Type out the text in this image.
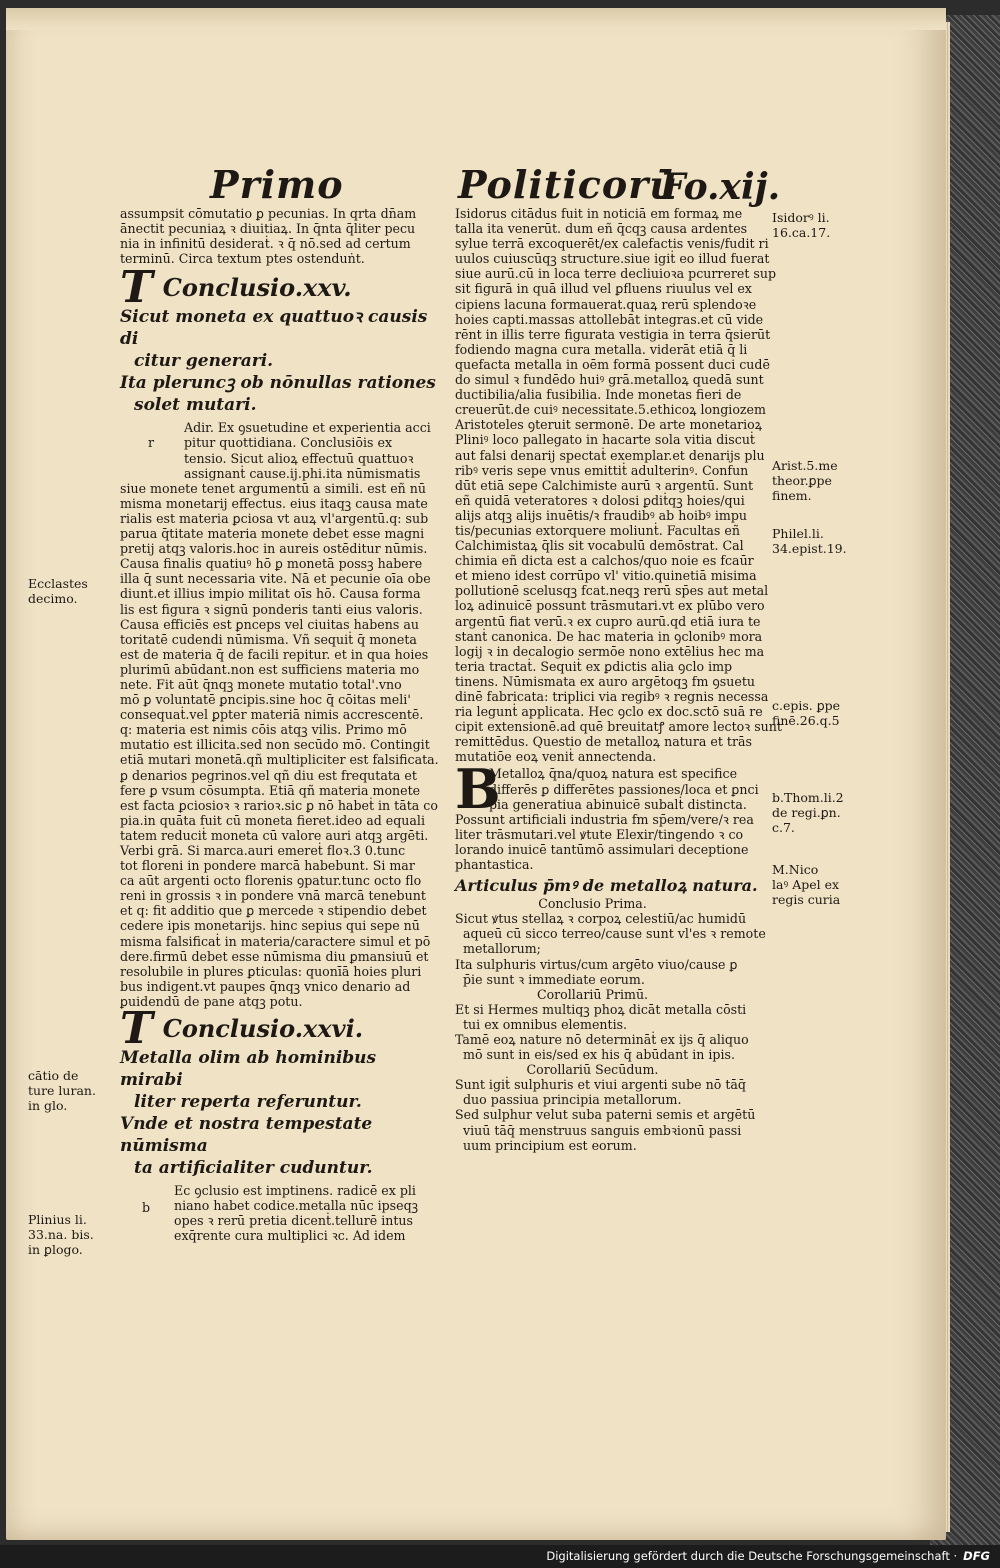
Primo	Politicorū
Fo.xij.
assumpsit cōmutatio ꝑ pecunias. In qrta dn̄am
ānectit pecuniaꝝ ꝛ diuitiaꝝ. In q̄nta q̄liter pecu
nia in infinitū desideraṫ. ꝛ q̄ nō.sed ad certum
terminū. Circa textum ptes ostenduṅt.
T Conclusio.xxv.
Sicut moneta ex quattuoꝛ causis di
citur generari.
Ita pleruncꝫ ob nōnullas rationes
solet mutari.
r
Adir. Ex ꝯsuetudine et experientia acci
pitur quottidiana. Conclusiōis ex
tensio. Sicut alioꝝ effectuū quattuoꝛ
assignanṫ cause.ij.phi.ita nūmismatis
siue monete tenet argumentū a simili. est eñ nū
misma monetarij effectus. eius itaqꝫ causa mate
rialis est materia ꝑciosa vt auꝝ vl'argentū.q: sub
parua q̄titate materia monete debet esse magni
pretij atqꝫ valoris.hoc in aureis ostēditur nūmis.
Causa finalis quatiuꝰ hō ꝑ monetā possꝫ habere
illa q̄ sunt necessaria vite. Nā et pecunie oīa obe
diunt.et illius impio militat oīs hō. Causa forma
lis est figura ꝛ signū ponderis tanti eius valoris.
Causa efficiēs est ꝑnceps vel ciuitas habens au
toritatē cudendi nūmisma. Vñ sequiṫ q̄ moneta
est de materia q̄ de facili repitur. et in qua hoies
plurimū abūdant.non est sufficiens materia mo
nete. Fit aūt q̄nqꝫ monete mutatio total'.vno
mō ꝑ voluntatē ꝑncipis.sine hoc q̄ cōitas meli'
consequaṫ.vel ꝑpter materiā nimis accrescentē.
q: materia est nimis cōis atqꝫ vilis. Primo mō
mutatio est illicita.sed non secūdo mō. Contingit
etiā mutari monetā.qñ multipliciter est falsificata.
ꝑ denarios pegrinos.vel qñ diu est frequtata et
fere ꝑ vsum cōsumpta. Etiā qñ materia monete
est facta ꝑciosioꝛ ꝛ rarioꝛ.sic ꝑ nō habeṫ in tāta co
pia.in quāta fuit cū moneta fieret.ideo ad equali
tatem reduciṫ moneta cū valore auri atqꝫ argēti.
Verbi grā. Si marca.auri emereṫ floꝛ.3 0.tunc
tot floreni in pondere marcā habebunt. Si mar
ca aūt argenti octo florenis ꝯpatur.tunc octo flo
reni in grossis ꝛ in pondere vnā marcā tenebunt
et q: fit additio que ꝑ mercede ꝛ stipendio debet
cedere ipis monetarijs. hinc sepius qui sepe nū
misma falsificaṫ in materia/caractere simul et pō
dere.firmū debet esse nūmisma diu ꝑmansiuū et
resolubile in plures ꝑticulas: quonīā hoies pluri
bus indigent.vt paupes q̄nqꝫ vnico denario ad
ꝑuidendū de pane atqꝫ potu.
T Conclusio.xxvi.
Metalla olim ab hominibus mirabi
liter reperta referuntur.
Vnde et nostra tempestate nūmisma
ta artificialiter cuduntur.
b
Ec ꝯclusio est imptinens. radicē ex pli
niano habet codice.metalla nūc ipseqꝫ
opes ꝛ rerū pretia dicenṫ.tellurē intus
exq̄rente cura multiplici ꝛc. Ad idem
Isidorus citādus fuit in noticiā em formaꝝ me
talla ita venerūt. dum eñ q̄cqꝫ causa ardentes
sylue terrā excoquerēt/ex calefactis venis/fudit ri
uulos cuiuscūqꝫ structure.siue igiṫ eo illud fuerat
siue aurū.cū in loca terre decliuioꝛa pcurreret sup
sit figurā in quā illud vel ꝑfluens riuulus vel ex
cipiens lacuna formauerat.quaꝝ rerū splendoꝛe
hoies capti.massas attollebāt integras.et cū vide
rēnt in illis terre figurata vestigia in terra q̄sierūt
fodiendo magna cura metalla. viderāt etiā q̄ li
quefacta metalla in oēm formā possent duci cudē
do simul ꝛ fundēdo huiꝰ grā.metalloꝝ quedā sunt
ductibilia/alia fusibilia. Inde monetas fieri de
creuerūt.de cuiꝰ necessitate.5.ethicoꝝ longiozem
Aristoteles ꝯteruit sermonē. De arte monetarioꝝ
Pliniꝰ loco pallegato in hacarte sola vitia discuṫ
aut falsi denarij spectaṫ exemplar.et denarijs plu
ribꝰ veris sepe vnus emittiṫ adulterinꝰ. Confun
dūt etiā sepe Calchimiste aurū ꝛ argentū. Sunt
eñ quidā veteratores ꝛ dolosi ꝑdiṫqꝫ hoies/qui
alijs atqꝫ alijs inuētis/ꝛ fraudibꝰ ab hoibꝰ impu
tis/pecunias extorquere moliunṫ. Facultas eñ
Calchimistaꝝ q̄lis sit vocabulū demōstrat. Cal
chimia eñ dicta est a calchos/quo noie es fcaūr
et mieno idest corrūpo vl' vitio.quinetiā misima
pollutionē scelusqꝫ fcat.neqꝫ rerū sp̄es aut metal
loꝝ adinuicē possunt trāsmutari.vt ex plūbo vero
argentū fiat verū.ꝛ ex cupro aurū.qd etiā iura te
stanṫ canonica. De hac materia in ꝯclonibꝰ mora
logij ꝛ in decalogio sermōe nono extēlius hec ma
teria tractaṫ. Sequiṫ ex ꝑdictis alia ꝯclo imp
tinens. Nūmismata ex auro argētoqꝫ fm ꝯsuetu
dinē fabricata: triplici via regibꝰ ꝛ regnis necessa
ria legunṫ applicata. Hec ꝯclo ex doc.sctō suā re
cipit extensionē.ad quē breuitatꝭ amore lectoꝛ sunt
remittēdus. Questio de metalloꝝ natura et trās
mutatiōe eoꝝ veniṫ annectenda.
B
Metalloꝝ q̄na/quoꝝ natura est specifice
differēs ꝑ differētes passiones/loca et ꝑnci
pia generatiua abinuicē subalṫ distincta.
Possunt artificiali industria fm sp̄em/vere/ꝛ rea
liter trāsmutari.vel ꝟtute Elexir/tingendo ꝛ co
lorando inuicē tantūmō assimulari deceptione
phantastica.
Articulus p̄mꝰ de metalloꝝ natura.
Conclusio Prima.
Sicut ꝟtus stellaꝝ ꝛ corpoꝝ celestiū/ac humidū
aqueū cū sicco terreo/cause sunt vl'es ꝛ remote
metallorum;
Ita sulphuris virtus/cum argēto viuo/cause ꝑ
p̄ie sunt ꝛ immediate eorum.
Corollariū Primū.
Et si Hermes multiqꝫ phoꝝ dicāt metalla cōsti
tui ex omnibus elementis.
Tamē eoꝝ nature nō determināṫ ex ijs q̄ aliquo
mō sunt in eis/sed ex his q̄ abūdant in ipis.
Corollariū Secūdum.
Sunt igiṫ sulphuris et viui argenti sube nō tāq̄
duo passiua principia metallorum.
Sed sulphur velut suba paterni semis et argētū
viuū tāq̄ menstruus sanguis embꝛionū passi
uum principium est eorum.
Ecclastes
decimo.
cātio de
ture luran.
in glo.
Plinius li.
33.na. bis.
in ꝑlogo.
Isidorꝰ li.
16.ca.17.
Arist.5.me
theor.ꝑpe
finem.
Philel.li.
34.epist.19.
c.epis. ꝑpe
finē.26.q.5
b.Thom.li.2
de regi.ꝑn.
c.7.
M.Nico
laꝰ Apel ex
regis curia
Digitalisierung gefördert durch die Deutsche Forschungsgemeinschaft · DFG
